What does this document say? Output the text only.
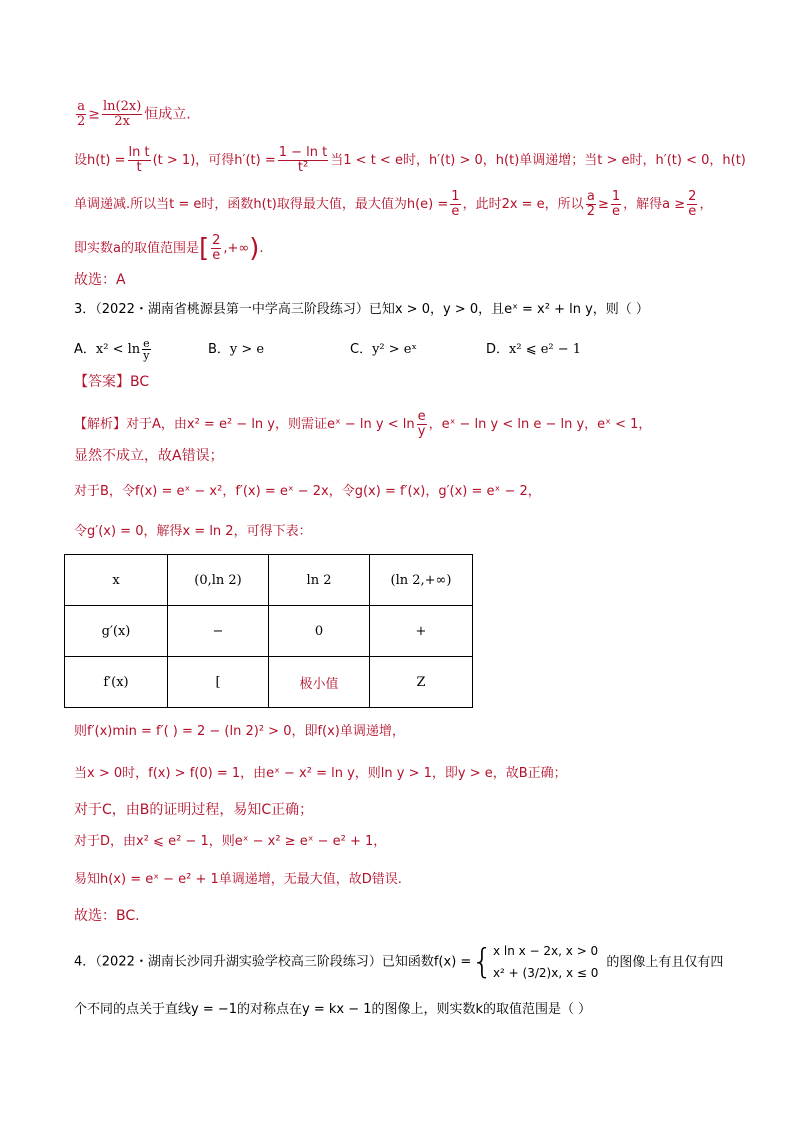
$\frac{a}{2} \ge \frac{\ln(2x)}{2x}$ 恒成立.
设$h(t) = \frac{\text{ln t}}{t} (t > 1)$，可得$h'(t) = \frac{\text{1 − ln t}}{\text{t²}}$ 当1 < t < e时，h′(t) > 0，h(t)单调递增；当t > e时，h′(t) < 0，h(t)
单调递减.所以当t = e时，函数h(t)取得最大值，最大值为$h(e) = \frac{1}{e}$ ，此时2x = e，所以 $\frac{a}{2} \ge \frac{1}{e}$ ，解得$a \ge \frac{2}{e}$ ，
即实数a的取值范围是[ $\frac{2}{e}$ ,+∞).
故选：A
3．（2022・湖南省桃源县第一中学高三阶段练习）已知x > 0，y > 0，且eˣ = x² + ln y，则（ ）
A．$x^2 < \ln \frac{e}{y}$	B．y > e	C．y² > eˣ	D．x² ⩽ e² − 1
【答案】BC
【解析】对于A，由x² = e² − ln y，则需证eˣ − $\ln y < \ln \frac{e}{y}$ ，eˣ − ln y < ln e − ln y，eˣ < 1，
显然不成立，故A错误；
对于B，令f(x) = eˣ − x²，f′(x) = eˣ − 2x，令g(x) = f′(x)，g′(x) = eˣ − 2，
令g′(x) = 0，解得x = ln 2，可得下表：
x	(0,ln 2)	ln 2	(ln 2,+∞)
g′(x)	−	0	+
f′(x)	[	极小值	Z
则f′(x)min = f′( ) = 2 − (ln 2)² > 0，即f(x)单调递增，
当x > 0时，f(x) > f(0) = 1，由eˣ − x² = ln y，则ln y > 1，即y > e，故B正确；
对于C，由B的证明过程，易知C正确；
对于D，由x² ⩽ e² − 1，则eˣ − x² ≥ eˣ − e² + 1，
易知h(x) = eˣ − e² + 1单调递增，无最大值，故D错误.
故选：BC.
4．（2022・湖南长沙同升湖实验学校高三阶段练习）已知函数f(x) ={ x ln x − 2x, x > 0
x² + (3/2)x, x ≤ 0
的图像上有且仅有四
个不同的点关于直线y = −1的对称点在y = kx − 1的图像上，则实数k的取值范围是（ ）
